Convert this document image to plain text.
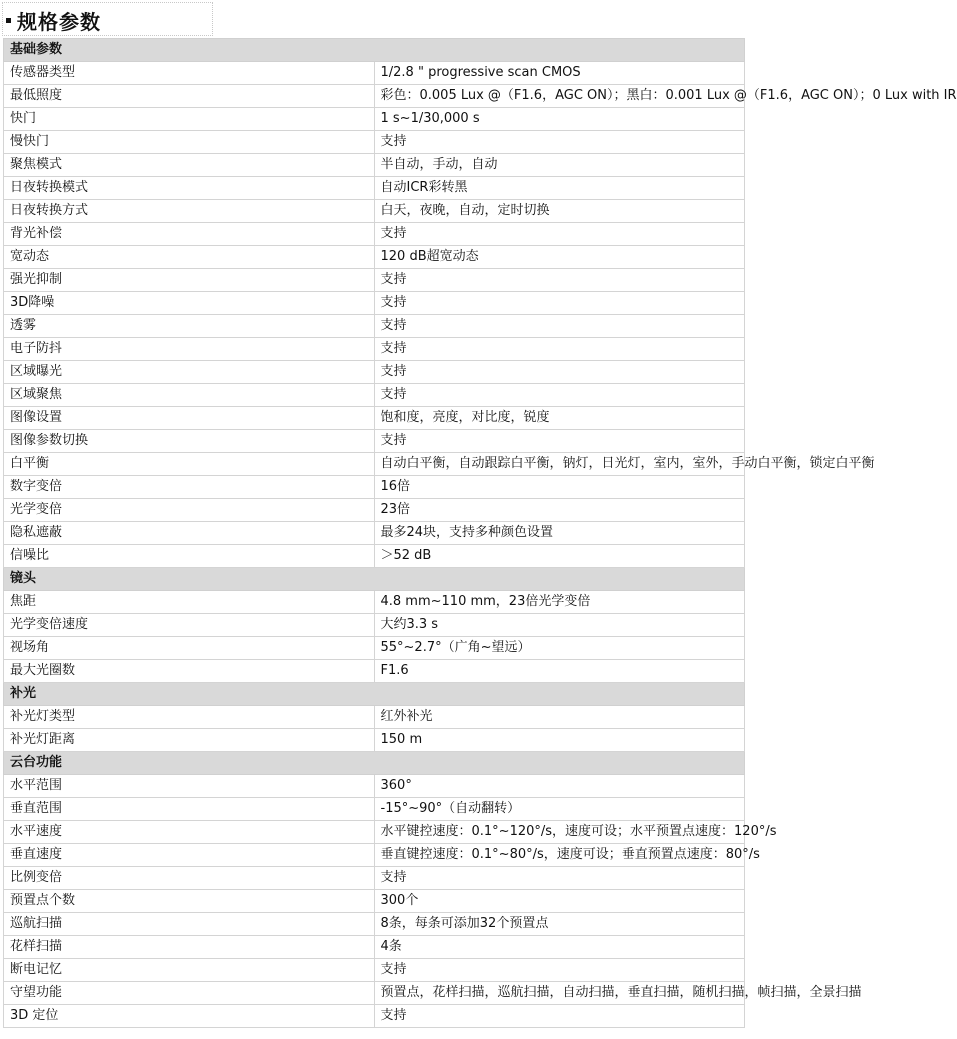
规格参数
基础参数	
传感器类型	1/2.8 " progressive scan CMOS
最低照度	彩色：0.005 Lux @（F1.6，AGC ON）；黑白：0.001 Lux @（F1.6，AGC ON）；0 Lux with IR
快门	1 s~1/30,000 s
慢快门	支持
聚焦模式	半自动，手动，自动
日夜转换模式	自动ICR彩转黑
日夜转换方式	白天，夜晚，自动，定时切换
背光补偿	支持
宽动态	120 dB超宽动态
强光抑制	支持
3D降噪	支持
透雾	支持
电子防抖	支持
区域曝光	支持
区域聚焦	支持
图像设置	饱和度，亮度，对比度，锐度
图像参数切换	支持
白平衡	自动白平衡，自动跟踪白平衡，钠灯，日光灯，室内，室外，手动白平衡，锁定白平衡
数字变倍	16倍
光学变倍	23倍
隐私遮蔽	最多24块，支持多种颜色设置
信噪比	＞52 dB
镜头	
焦距	4.8 mm~110 mm，23倍光学变倍
光学变倍速度	大约3.3 s
视场角	55°~2.7°（广角~望远）
最大光圈数	F1.6
补光	
补光灯类型	红外补光
补光灯距离	150 m
云台功能	
水平范围	360°
垂直范围	-15°~90°（自动翻转）
水平速度	水平键控速度：0.1°~120°/s，速度可设；水平预置点速度：120°/s
垂直速度	垂直键控速度：0.1°~80°/s，速度可设；垂直预置点速度：80°/s
比例变倍	支持
预置点个数	300个
巡航扫描	8条，每条可添加32个预置点
花样扫描	4条
断电记忆	支持
守望功能	预置点，花样扫描，巡航扫描，自动扫描，垂直扫描，随机扫描，帧扫描，全景扫描
3D 定位	支持
